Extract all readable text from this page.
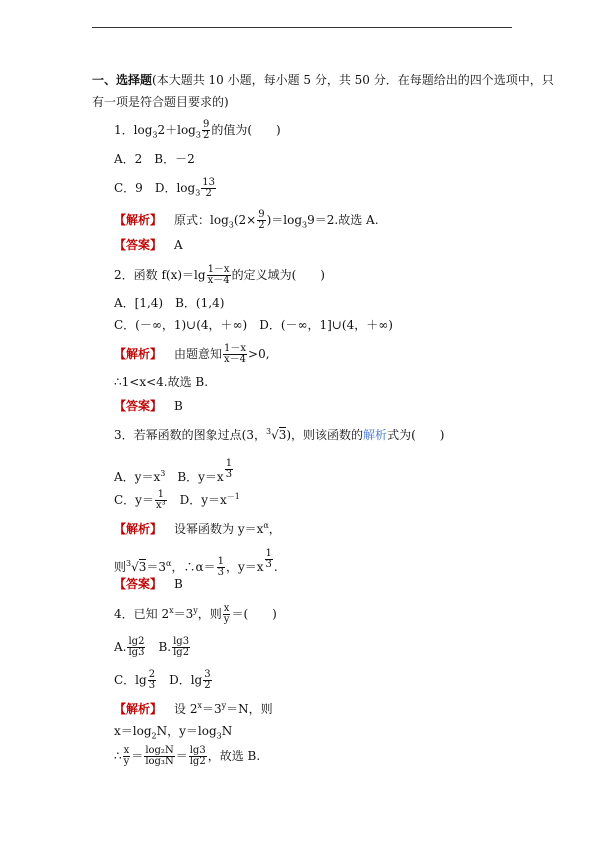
一、选择题(本大题共 10 小题，每小题 5 分，共 50 分．在每题给出的四个选项中，只
有一项是符合题目要求的)
1．$\log_32+\log_3 \frac{9}{2}$ 的值为(　　)
A．2　B．－2
C．9　D．$\log_3 \frac{13}{2}$
【解析】 原式：$\log_3(2\times \frac{9}{2} )=\log_39=2$.故选 A.
【答案】 A
2．函数 $f(x)=\lg \frac{1-x}{x-4}$ 的定义域为(　　)
A．[1,4)　B．(1,4)
C．(－∞，1)∪(4，＋∞)　D．(－∞，1]∪(4，＋∞)
【解析】 由题意知 $\frac{1-x}{x-4} >0$,
∴1<x<4.故选 B.
【答案】 B
3．若幂函数的图象过点(3，$^3$√3)，则该函数的解析式为(　　)
A．$y=x^3$　B．$y=x \frac{1}{3}$
C．$y= \frac{1}{\text{x³}}$ 　D．$y=x^{-1}$
【解析】 设幂函数为 $y=x^\alpha$，
则$^3√3=3^\alpha$，∴α＝ $\frac{1}{3}$ ，$y=x \frac{1}{3}$ .
【答案】 B
4．已知 $2^x=3^y$，则 $\frac{x}{y}$ ＝(　　)
A. $\frac{\lg 2}{\lg 3}$ 　B. $\frac{\lg 3}{\lg 2}$
C．$\lg \frac{2}{3}$ 　D．$\lg \frac{3}{2}$
【解析】 设 $2^x=3^y=N$，则
$x=\log_2N$，$y=\log_3N$
∴ $\frac{x}{y} = \frac{\text{log₂N}}{\text{log₃N}} = \frac{\lg 3}{\lg 2}$ ，故选 B.
